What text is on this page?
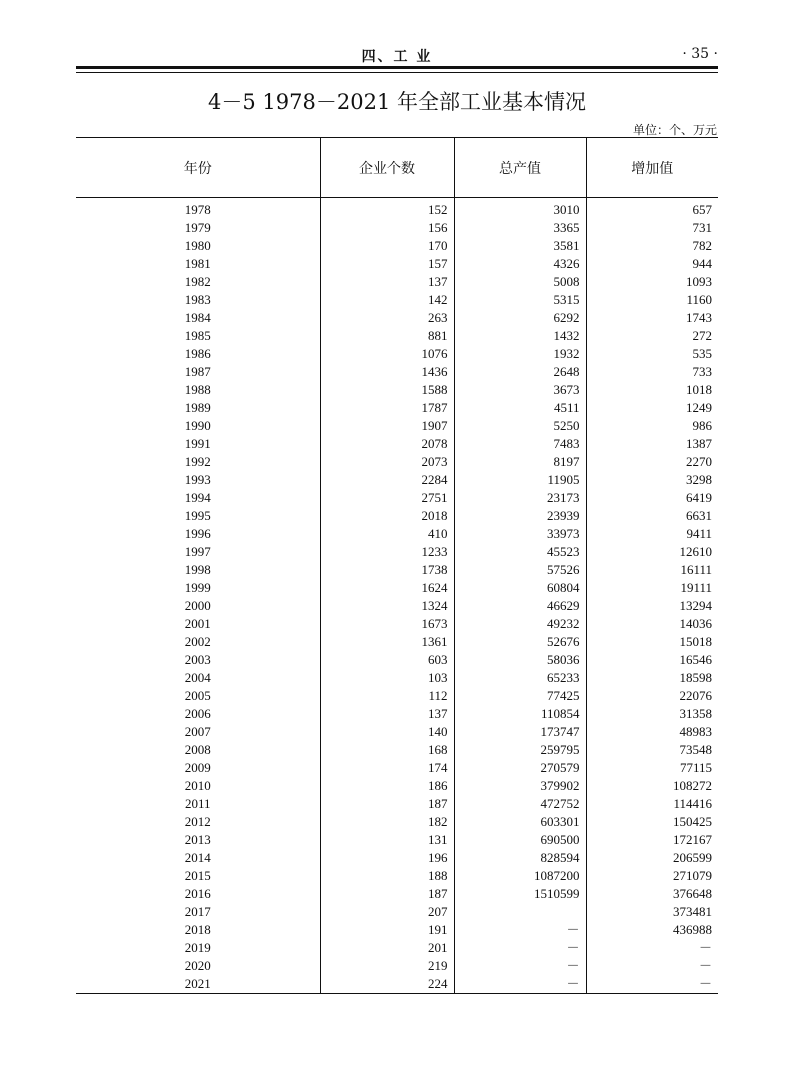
四、工 业	· 35 ·
4－5 1978－2021 年全部工业基本情况
单位：个、万元
年份	企业个数	总产值	增加值
1978	152	3010	657
1979	156	3365	731
1980	170	3581	782
1981	157	4326	944
1982	137	5008	1093
1983	142	5315	1160
1984	263	6292	1743
1985	881	1432	272
1986	1076	1932	535
1987	1436	2648	733
1988	1588	3673	1018
1989	1787	4511	1249
1990	1907	5250	986
1991	2078	7483	1387
1992	2073	8197	2270
1993	2284	11905	3298
1994	2751	23173	6419
1995	2018	23939	6631
1996	410	33973	9411
1997	1233	45523	12610
1998	1738	57526	16111
1999	1624	60804	19111
2000	1324	46629	13294
2001	1673	49232	14036
2002	1361	52676	15018
2003	603	58036	16546
2004	103	65233	18598
2005	112	77425	22076
2006	137	110854	31358
2007	140	173747	48983
2008	168	259795	73548
2009	174	270579	77115
2010	186	379902	108272
2011	187	472752	114416
2012	182	603301	150425
2013	131	690500	172167
2014	196	828594	206599
2015	188	1087200	271079
2016	187	1510599	376648
2017	207		373481
2018	191	－	436988
2019	201	－	－
2020	219	－	－
2021	224	－	－
